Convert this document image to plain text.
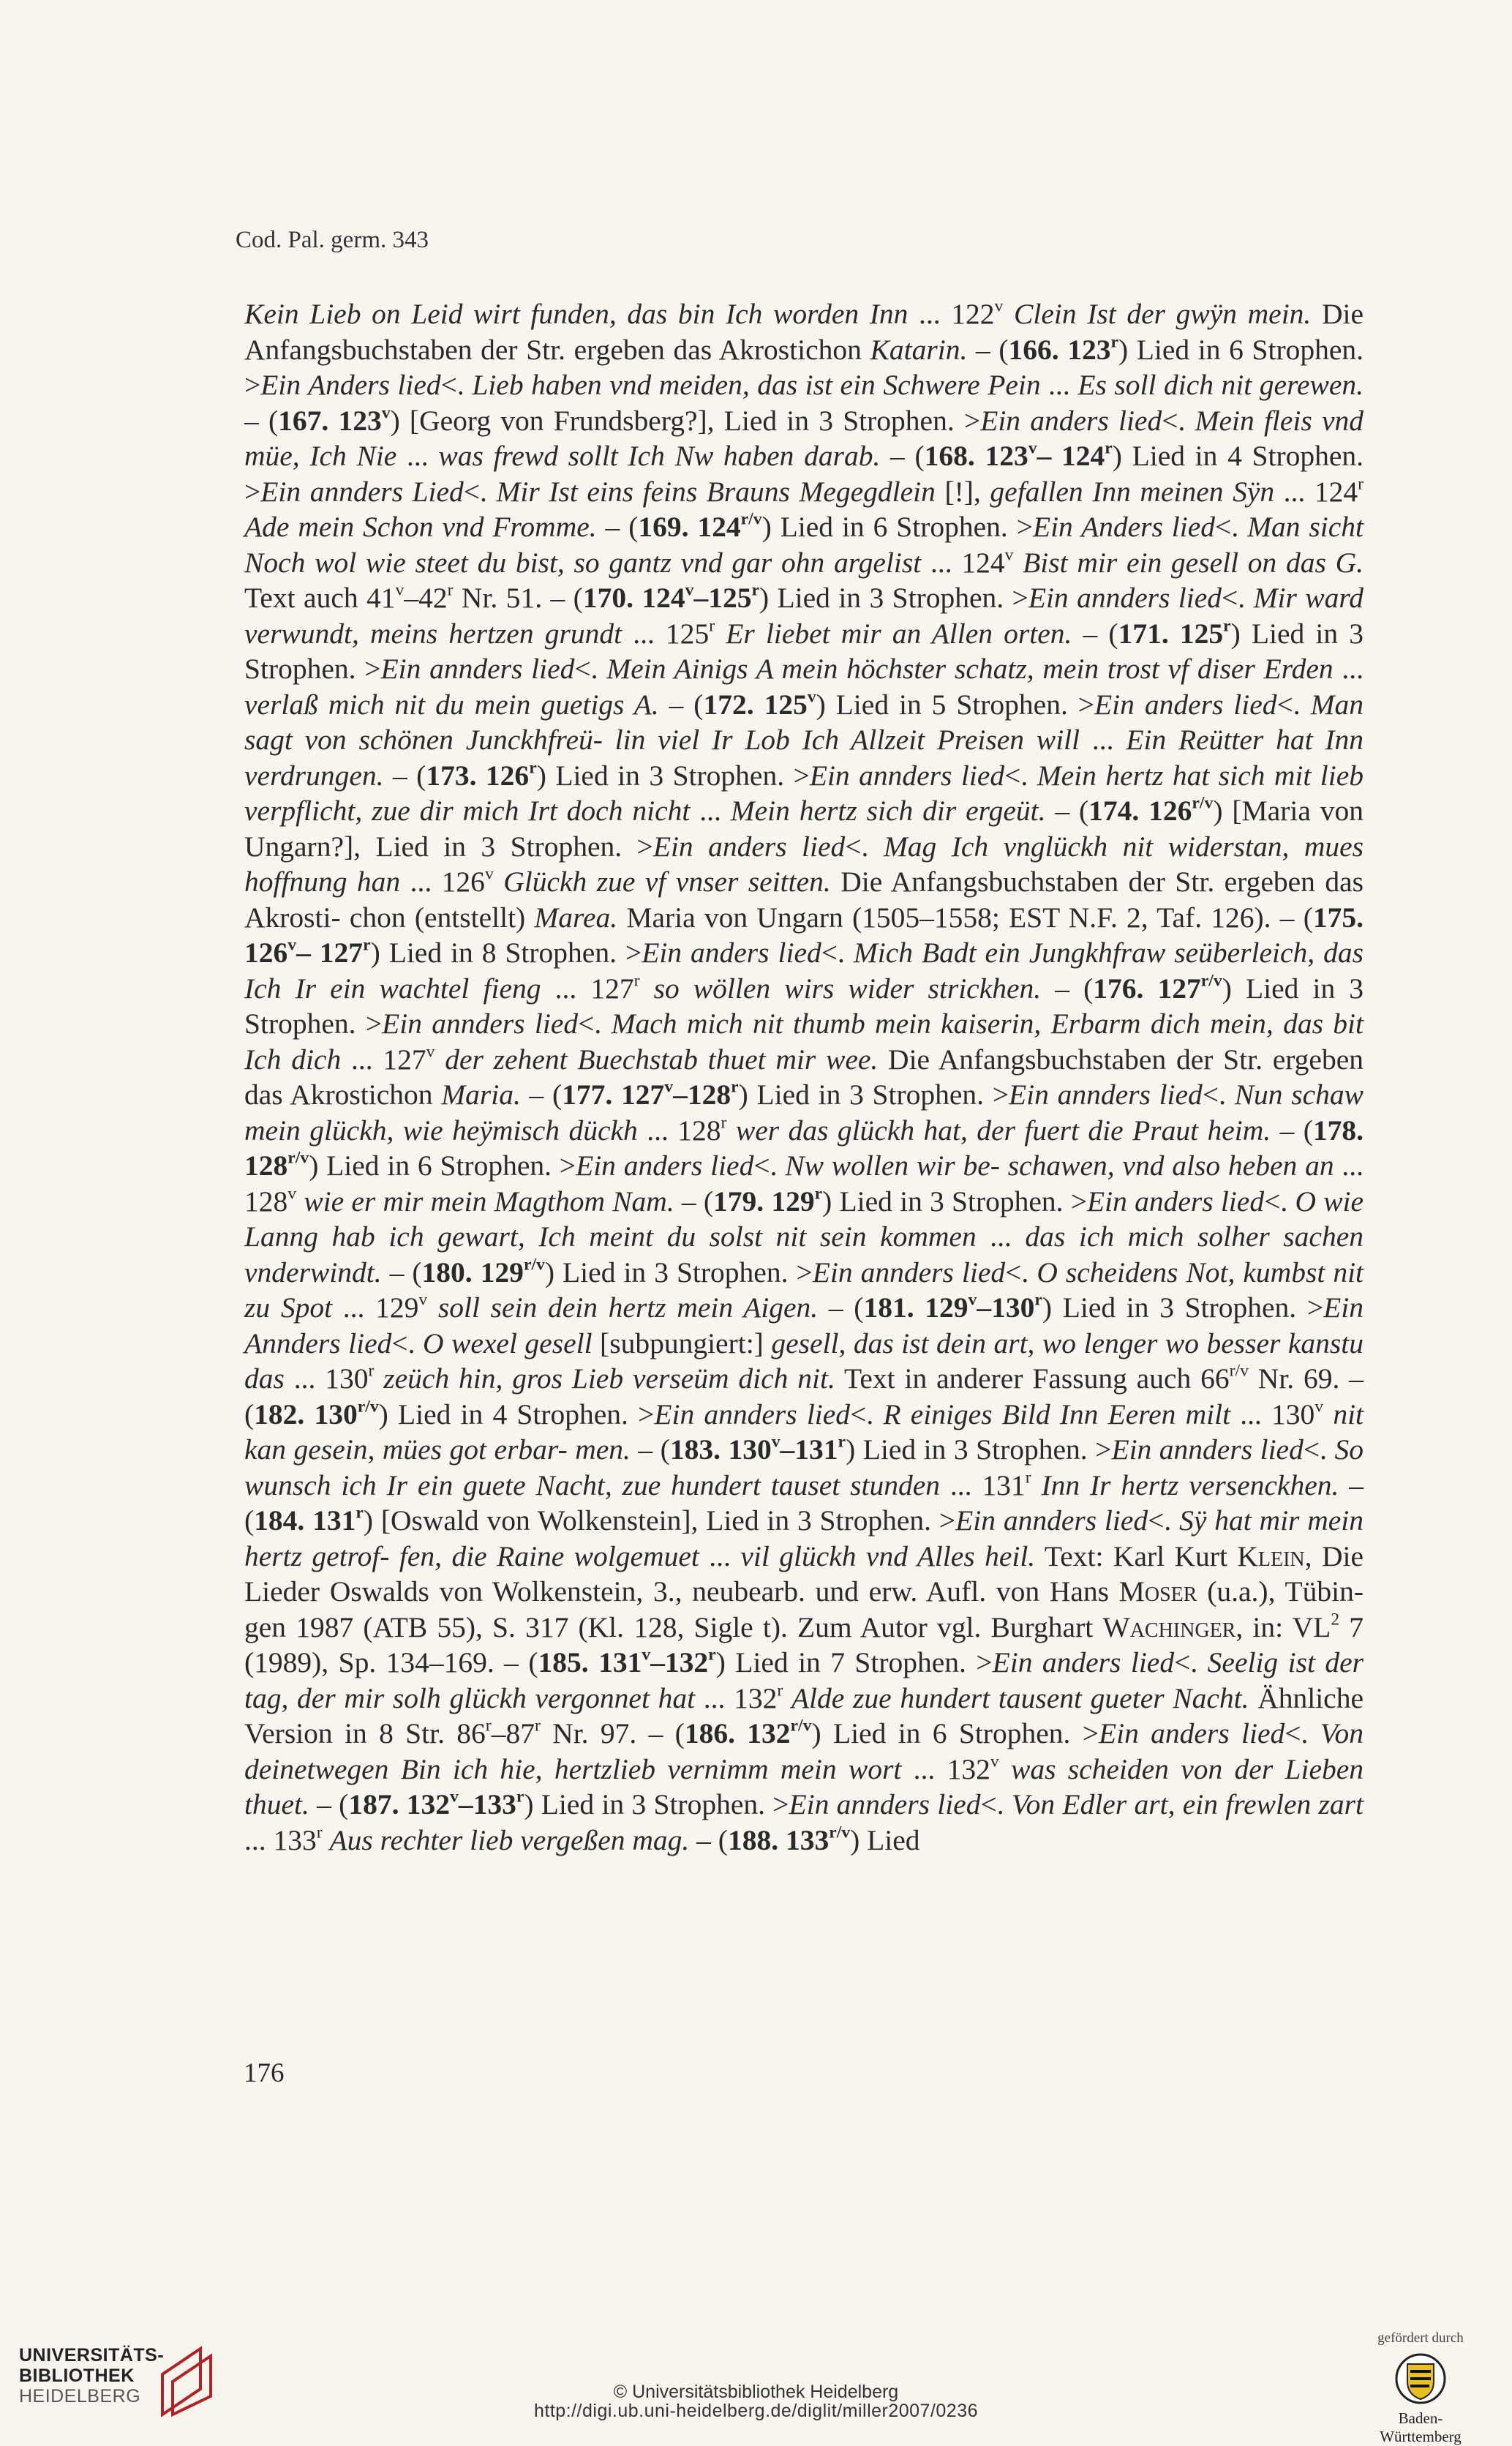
Cod. Pal. germ. 343

Kein Lieb on Leid wirt funden, das bin Ich worden Inn ... 122$^v$ Clein Ist der gwÿn mein. Die Anfangsbuchstaben der Str. ergeben das Akrostichon Katarin. – (166. 123$^r$) Lied in 6 Strophen. >Ein Anders lied<. Lieb haben vnd meiden, das ist ein Schwere Pein ... Es soll dich nit gerewen. – (167. 123$^v$) [Georg von Frundsberg?], Lied in 3 Strophen. >Ein anders lied<. Mein fleis vnd müe, Ich Nie ... was frewd sollt Ich Nw haben darab. – (168. 123$^v$– 124$^r$) Lied in 4 Strophen. >Ein annders Lied<. Mir Ist eins feins Brauns Megegdlein [!], gefallen Inn meinen Sÿn ... 124$^r$ Ade mein Schon vnd Fromme. – (169. $124^{r/v}$) Lied in 6 Strophen. >Ein Anders lied<. Man sicht Noch wol wie steet du bist, so gantz vnd gar ohn argelist ... 124$^v$ Bist mir ein gesell on das G. Text auch 41$^v$–42$^r$ Nr. 51. – (170. 124$^v$–125$^r$) Lied in 3 Strophen. >Ein annders lied<. Mir ward verwundt, meins hertzen grundt ... 125$^r$ Er liebet mir an Allen orten. – (171. 125$^r$) Lied in 3 Strophen. >Ein annders lied<. Mein Ainigs A mein höchster schatz, mein trost vf diser Erden ... verlaß mich nit du mein guetigs A. – (172. 125$^v$) Lied in 5 Strophen. >Ein anders lied<. Man sagt von schönen Junckhfreü- lin viel Ir Lob Ich Allzeit Preisen will ... Ein Reütter hat Inn verdrungen. – (173. 126$^r$) Lied in 3 Strophen. >Ein annders lied<. Mein hertz hat sich mit lieb verpflicht, zue dir mich Irt doch nicht ... Mein hertz sich dir ergeüt. – (174. $126^{r/v}$) [Maria von Ungarn?], Lied in 3 Strophen. >Ein anders lied<. Mag Ich vnglückh nit widerstan, mues hoffnung han ... 126$^v$ Glückh zue vf vnser seitten. Die Anfangsbuchstaben der Str. ergeben das Akrosti- chon (entstellt) Marea. Maria von Ungarn (1505–1558; EST N.F. 2, Taf. 126). – (175. 126$^v$– 127$^r$) Lied in 8 Strophen. >Ein anders lied<. Mich Badt ein Jungkhfraw seüberleich, das Ich Ir ein wachtel fieng ... 127$^r$ so wöllen wirs wider strickhen. – (176. $127^{r/v}$) Lied in 3 Strophen. >Ein annders lied<. Mach mich nit thumb mein kaiserin, Erbarm dich mein, das bit Ich dich ... 127$^v$ der zehent Buechstab thuet mir wee. Die Anfangsbuchstaben der Str. ergeben das Akrostichon Maria. – (177. 127$^v$–128$^r$) Lied in 3 Strophen. >Ein annders lied<. Nun schaw mein glückh, wie heÿmisch dückh ... 128$^r$ wer das glückh hat, der fuert die Praut heim. – (178. $128^{r/v}$) Lied in 6 Strophen. >Ein anders lied<. Nw wollen wir be- schawen, vnd also heben an ... 128$^v$ wie er mir mein Magthom Nam. – (179. 129$^r$) Lied in 3 Strophen. >Ein anders lied<. O wie Lanng hab ich gewart, Ich meint du solst nit sein kommen ... das ich mich solher sachen vnderwindt. – (180. $129^{r/v}$) Lied in 3 Strophen. >Ein annders lied<. O scheidens Not, kumbst nit zu Spot ... 129$^v$ soll sein dein hertz mein Aigen. – (181. 129$^v$–130$^r$) Lied in 3 Strophen. >Ein Annders lied<. O wexel gesell [subpungiert:] gesell, das ist dein art, wo lenger wo besser kanstu das ... 130$^r$ zeüch hin, gros Lieb verseüm dich nit. Text in anderer Fassung auch $66^{r/v}$ Nr. 69. – (182. $130^{r/v}$) Lied in 4 Strophen. >Ein annders lied<. R einiges Bild Inn Eeren milt ... 130$^v$ nit kan gesein, mües got erbar- men. – (183. 130$^v$–131$^r$) Lied in 3 Strophen. >Ein annders lied<. So wunsch ich Ir ein guete Nacht, zue hundert tauset stunden ... 131$^r$ Inn Ir hertz versenckhen. – (184. 131$^r$) [Oswald von Wolkenstein], Lied in 3 Strophen. >Ein annders lied<. Sÿ hat mir mein hertz getrof- fen, die Raine wolgemuet ... vil glückh vnd Alles heil. Text: Karl Kurt Klein, Die Lieder Oswalds von Wolkenstein, 3., neubearb. und erw. Aufl. von Hans Moser (u.a.), Tübin- gen 1987 (ATB 55), S. 317 (Kl. 128, Sigle t). Zum Autor vgl. Burghart Wachinger, in: $VL^2$ 7 (1989), Sp. 134–169. – (185. 131$^v$–132$^r$) Lied in 7 Strophen. >Ein anders lied<. Seelig ist der tag, der mir solh glückh vergonnet hat ... 132$^r$ Alde zue hundert tausent gueter Nacht. Ähnliche Version in 8 Str. 86$^r$–87$^r$ Nr. 97. – (186. $132^{r/v}$) Lied in 6 Strophen. >Ein anders lied<. Von deinetwegen Bin ich hie, hertzlieb vernimm mein wort ... 132$^v$ was scheiden von der Lieben thuet. – (187. 132$^v$–133$^r$) Lied in 3 Strophen. >Ein annders lied<. Von Edler art, ein frewlen zart ... 133$^r$ Aus rechter lieb vergeßen mag. – (188. $133^{r/v}$) Lied

176
UNIVERSITÄTS-
BIBLIOTHEK
HEIDELBERG	© Universitätsbibliothek Heidelberg
http://digi.ub.uni-heidelberg.de/diglit/miller2007/0236
gefördert durch
Baden-Württemberg
